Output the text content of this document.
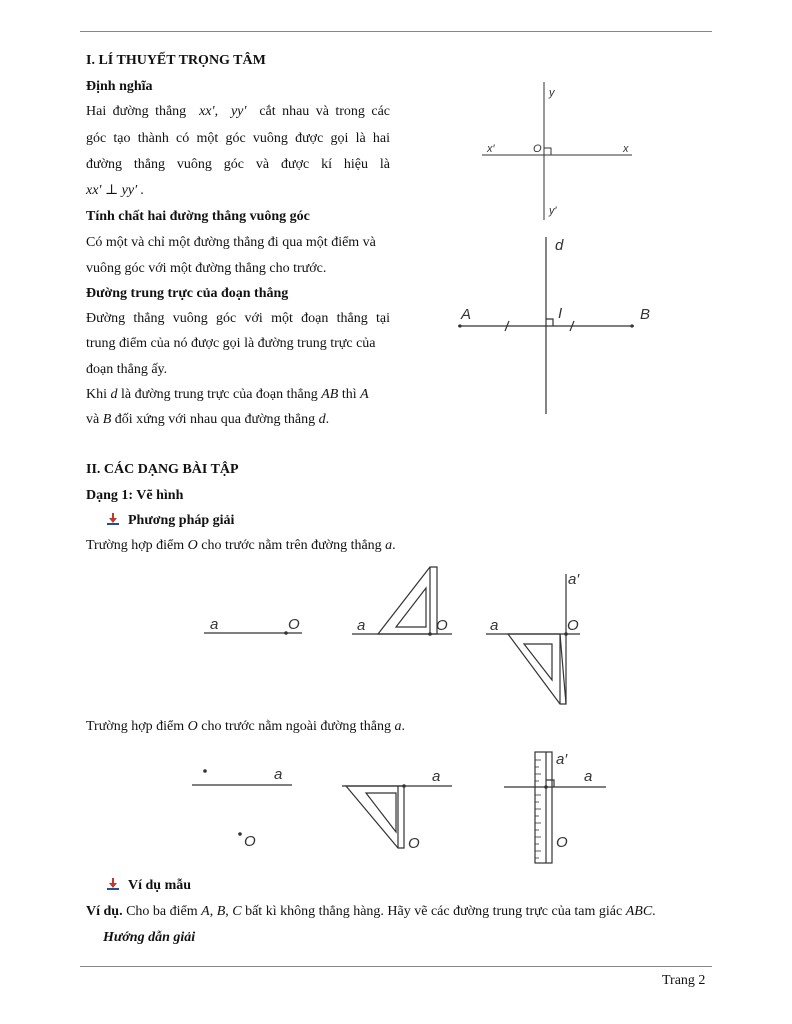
I. LÍ THUYẾT TRỌNG TÂM
Định nghĩa
Hai đường thẳng xx′, yy′ cắt nhau và trong các
góc tạo thành có một góc vuông được gọi là hai
đường thẳng vuông góc và được kí hiệu là
xx′ ⊥ yy′ .
Tính chất hai đường thẳng vuông góc
Có một và chỉ một đường thẳng đi qua một điểm và
vuông góc với một đường thẳng cho trước.
Đường trung trực của đoạn thẳng
Đường thẳng vuông góc với một đoạn thẳng tại
trung điểm của nó được gọi là đường trung trực của
đoạn thẳng ấy.
Khi d là đường trung trực của đoạn thẳng AB thì A
và B đối xứng với nhau qua đường thẳng d.
y
x′	O	x
y′
d
A	I	B
II. CÁC DẠNG BÀI TẬP
Dạng 1: Vẽ hình
Phương pháp giải
Trường hợp điểm O cho trước nằm trên đường thẳng a.
a	O	a	O	a	O
a′
Trường hợp điểm O cho trước nằm ngoài đường thẳng a.
a
O
a
O
a
a′
O
Ví dụ mẫu
Ví dụ. Cho ba điểm A, B, C bất kì không thẳng hàng. Hãy vẽ các đường trung trực của tam giác ABC.
Hướng dẫn giải
Trang 2
